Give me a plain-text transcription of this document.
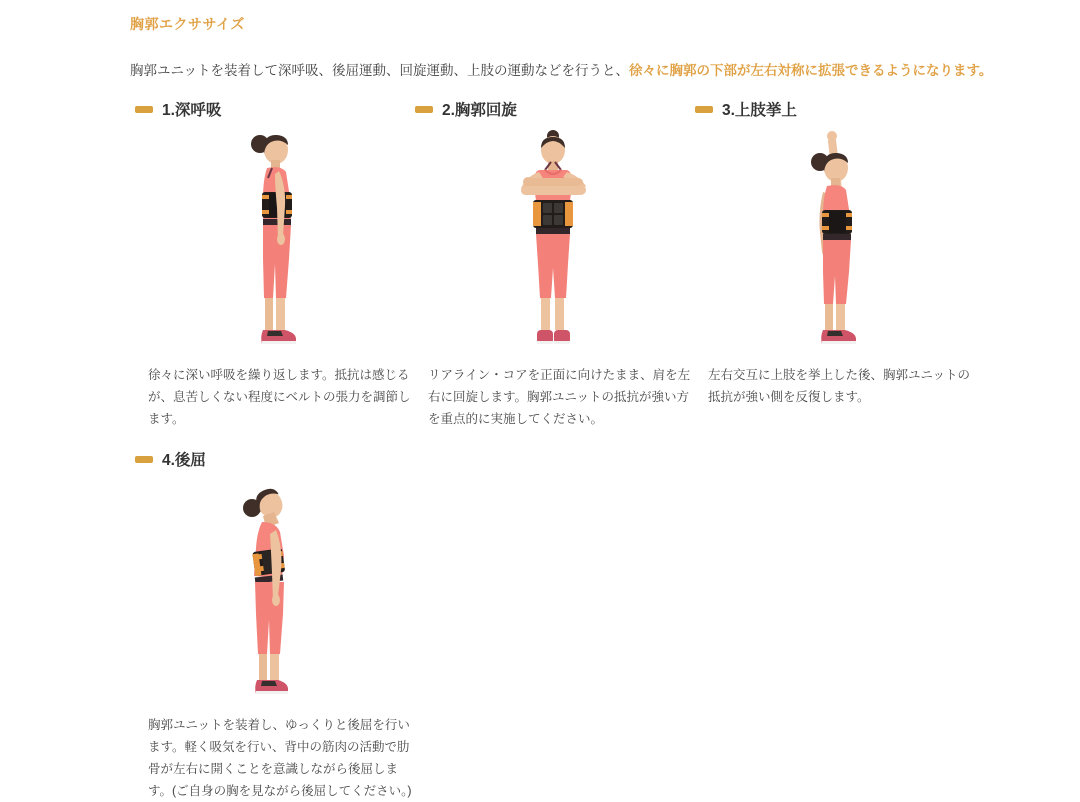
胸郭エクササイズ

胸郭ユニットを装着して深呼吸、後屈運動、回旋運動、上肢の運動などを行うと、徐々に胸郭の下部が左右対称に拡張できるようになります。

1.深呼吸

徐々に深い呼吸を繰り返します。抵抗は感じるが、息苦しくない程度にベルトの張力を調節します。

2.胸郭回旋

リアライン・コアを正面に向けたまま、肩を左右に回旋します。胸郭ユニットの抵抗が強い方を重点的に実施してください。

3.上肢挙上

左右交互に上肢を挙上した後、胸郭ユニットの抵抗が強い側を反復します。

4.後屈

胸郭ユニットを装着し、ゆっくりと後屈を行います。軽く吸気を行い、背中の筋肉の活動で肋骨が左右に開くことを意識しながら後屈します。(ご自身の胸を見ながら後屈してください。)
